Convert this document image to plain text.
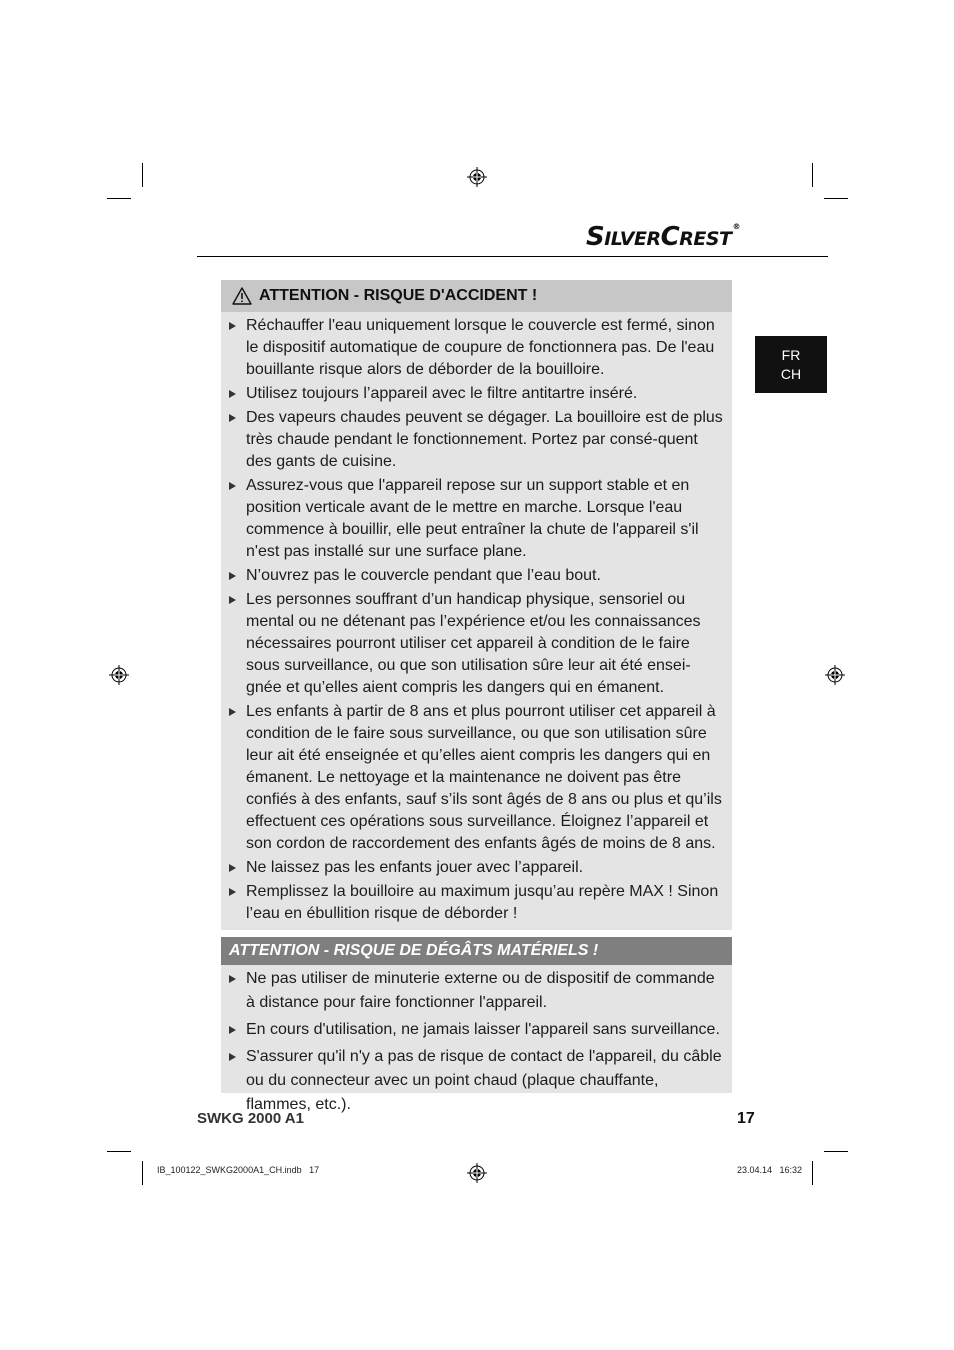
SILVERCREST®
FR
CH
ATTENTION - RISQUE D'ACCIDENT !
Réchauffer l'eau uniquement lorsque le couvercle est fermé, sinon le dispositif automatique de coupure de fonctionnera pas. De l'eau bouillante risque alors de déborder de la bouilloire.
Utilisez toujours l’appareil avec le filtre antitartre inséré.
Des vapeurs chaudes peuvent se dégager. La bouilloire est de plus très chaude pendant le fonctionnement. Portez par consé-quent des gants de cuisine.
Assurez-vous que l'appareil repose sur un support stable et en position verticale avant de le mettre en marche. Lorsque l'eau commence à bouillir, elle peut entraîner la chute de l'appareil s'il n'est pas installé sur une surface plane.
N’ouvrez pas le couvercle pendant que l’eau bout.
Les personnes souffrant d’un handicap physique, sensoriel ou mental ou ne détenant pas l’expérience et/ou les connaissances nécessaires pourront utiliser cet appareil à condition de le faire sous surveillance, ou que son utilisation sûre leur ait été ensei-gnée et qu’elles aient compris les dangers qui en émanent.
Les enfants à partir de 8 ans et plus pourront utiliser cet appareil à condition de le faire sous surveillance, ou que son utilisation sûre leur ait été enseignée et qu’elles aient compris les dangers qui en émanent. Le nettoyage et la maintenance ne doivent pas être confiés à des enfants, sauf s’ils sont âgés de 8 ans ou plus et qu’ils effectuent ces opérations sous surveillance. Éloignez l’appareil et son cordon de raccordement des enfants âgés de moins de 8 ans.
Ne laissez pas les enfants jouer avec l’appareil.
Remplissez la bouilloire au maximum jusqu’au repère MAX ! Sinon l’eau en ébullition risque de déborder !
ATTENTION - RISQUE DE DÉGÂTS MATÉRIELS !
Ne pas utiliser de minuterie externe ou de dispositif de commande à distance pour faire fonctionner l'appareil.
En cours d'utilisation, ne jamais laisser l'appareil sans surveillance.
S'assurer qu'il n'y a pas de risque de contact de l'appareil, du câble ou du connecteur avec un point chaud (plaque chauffante, flammes, etc.).
SWKG 2000 A1	17
IB_100122_SWKG2000A1_CH.indb   17	23.04.14   16:32
